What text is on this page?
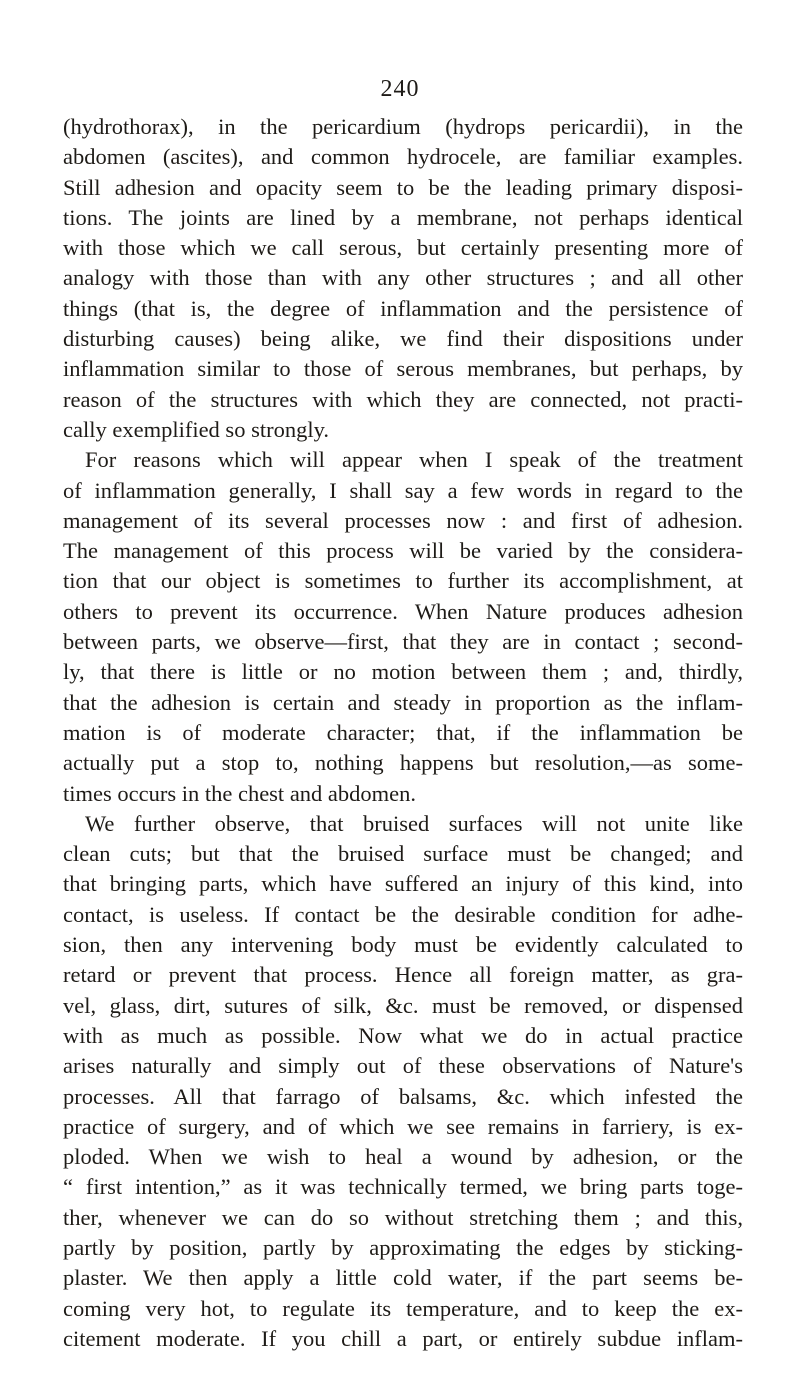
240
(hydrothorax), in the pericardium (hydrops pericardii), in the
abdomen (ascites), and common hydrocele, are familiar examples.
Still adhesion and opacity seem to be the leading primary disposi-
tions. The joints are lined by a membrane, not perhaps identical
with those which we call serous, but certainly presenting more of
analogy with those than with any other structures ; and all other
things (that is, the degree of inflammation and the persistence of
disturbing causes) being alike, we find their dispositions under
inflammation similar to those of serous membranes, but perhaps, by
reason of the structures with which they are connected, not practi-
cally exemplified so strongly.
For reasons which will appear when I speak of the treatment
of inflammation generally, I shall say a few words in regard to the
management of its several processes now : and first of adhesion.
The management of this process will be varied by the considera-
tion that our object is sometimes to further its accomplishment, at
others to prevent its occurrence. When Nature produces adhesion
between parts, we observe—first, that they are in contact ; second-
ly, that there is little or no motion between them ; and, thirdly,
that the adhesion is certain and steady in proportion as the inflam-
mation is of moderate character; that, if the inflammation be
actually put a stop to, nothing happens but resolution,—as some-
times occurs in the chest and abdomen.
We further observe, that bruised surfaces will not unite like
clean cuts; but that the bruised surface must be changed; and
that bringing parts, which have suffered an injury of this kind, into
contact, is useless. If contact be the desirable condition for adhe-
sion, then any intervening body must be evidently calculated to
retard or prevent that process. Hence all foreign matter, as gra-
vel, glass, dirt, sutures of silk, &c. must be removed, or dispensed
with as much as possible. Now what we do in actual practice
arises naturally and simply out of these observations of Nature's
processes. All that farrago of balsams, &c. which infested the
practice of surgery, and of which we see remains in farriery, is ex-
ploded. When we wish to heal a wound by adhesion, or the
“ first intention,” as it was technically termed, we bring parts toge-
ther, whenever we can do so without stretching them ; and this,
partly by position, partly by approximating the edges by sticking-
plaster. We then apply a little cold water, if the part seems be-
coming very hot, to regulate its temperature, and to keep the ex-
citement moderate. If you chill a part, or entirely subdue inflam-
